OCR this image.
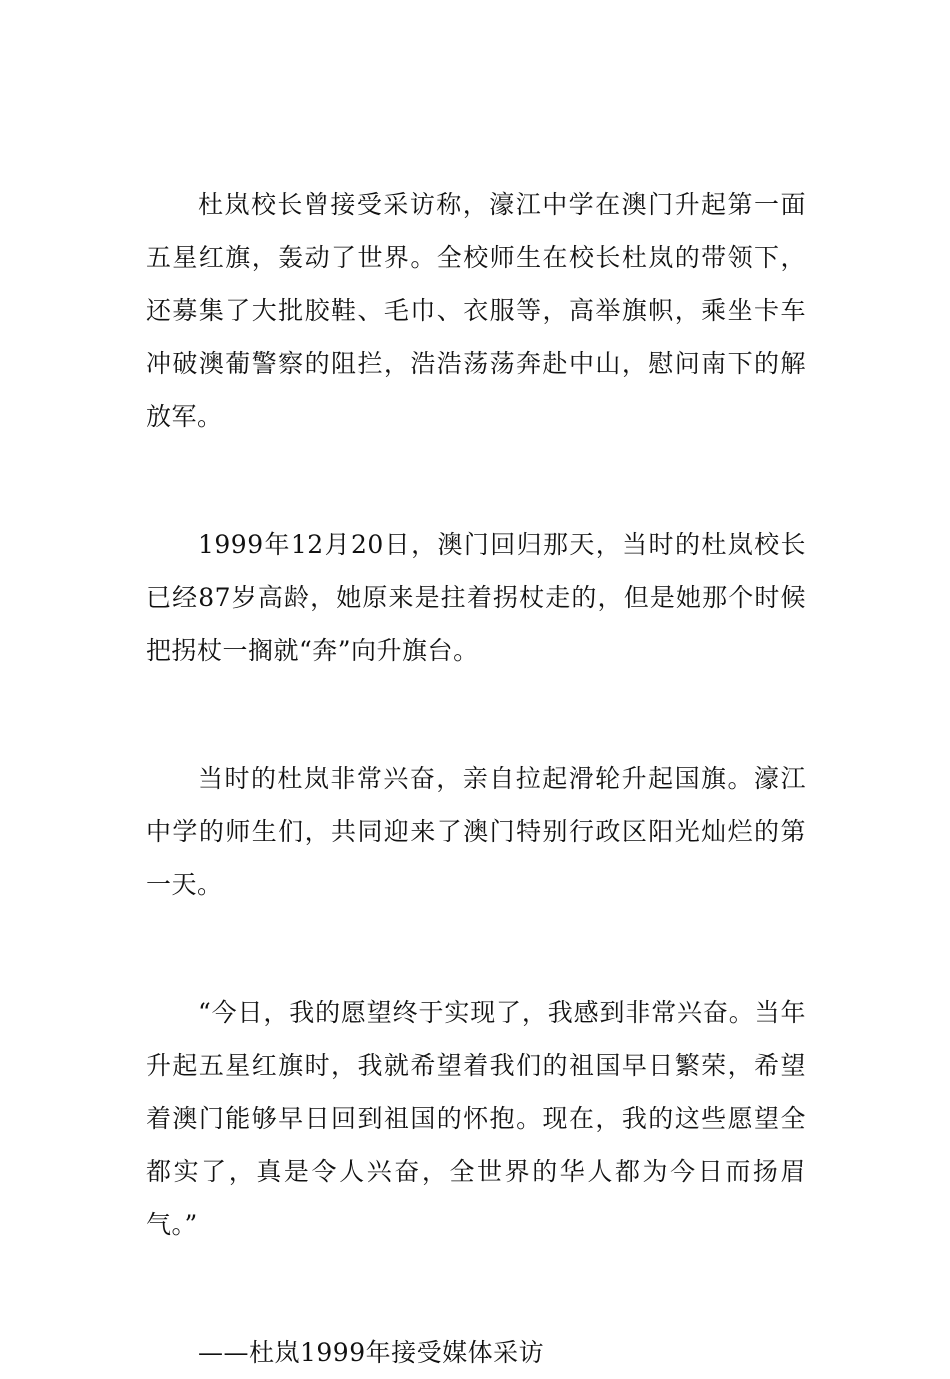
杜岚校长曾接受采访称，濠江中学在澳门升起第一面五星红旗，轰动了世界。全校师生在校长杜岚的带领下，还募集了大批胶鞋、毛巾、衣服等，高举旗帜，乘坐卡车冲破澳葡警察的阻拦，浩浩荡荡奔赴中山，慰问南下的解放军。

1999年12月20日，澳门回归那天，当时的杜岚校长已经87岁高龄，她原来是拄着拐杖走的，但是她那个时候把拐杖一搁就“奔”向升旗台。

当时的杜岚非常兴奋，亲自拉起滑轮升起国旗。濠江中学的师生们，共同迎来了澳门特别行政区阳光灿烂的第一天。

“今日，我的愿望终于实现了，我感到非常兴奋。当年升起五星红旗时，我就希望着我们的祖国早日繁荣，希望着澳门能够早日回到祖国的怀抱。现在，我的这些愿望全都实了，真是令人兴奋，全世界的华人都为今日而扬眉气。”

——杜岚1999年接受媒体采访
